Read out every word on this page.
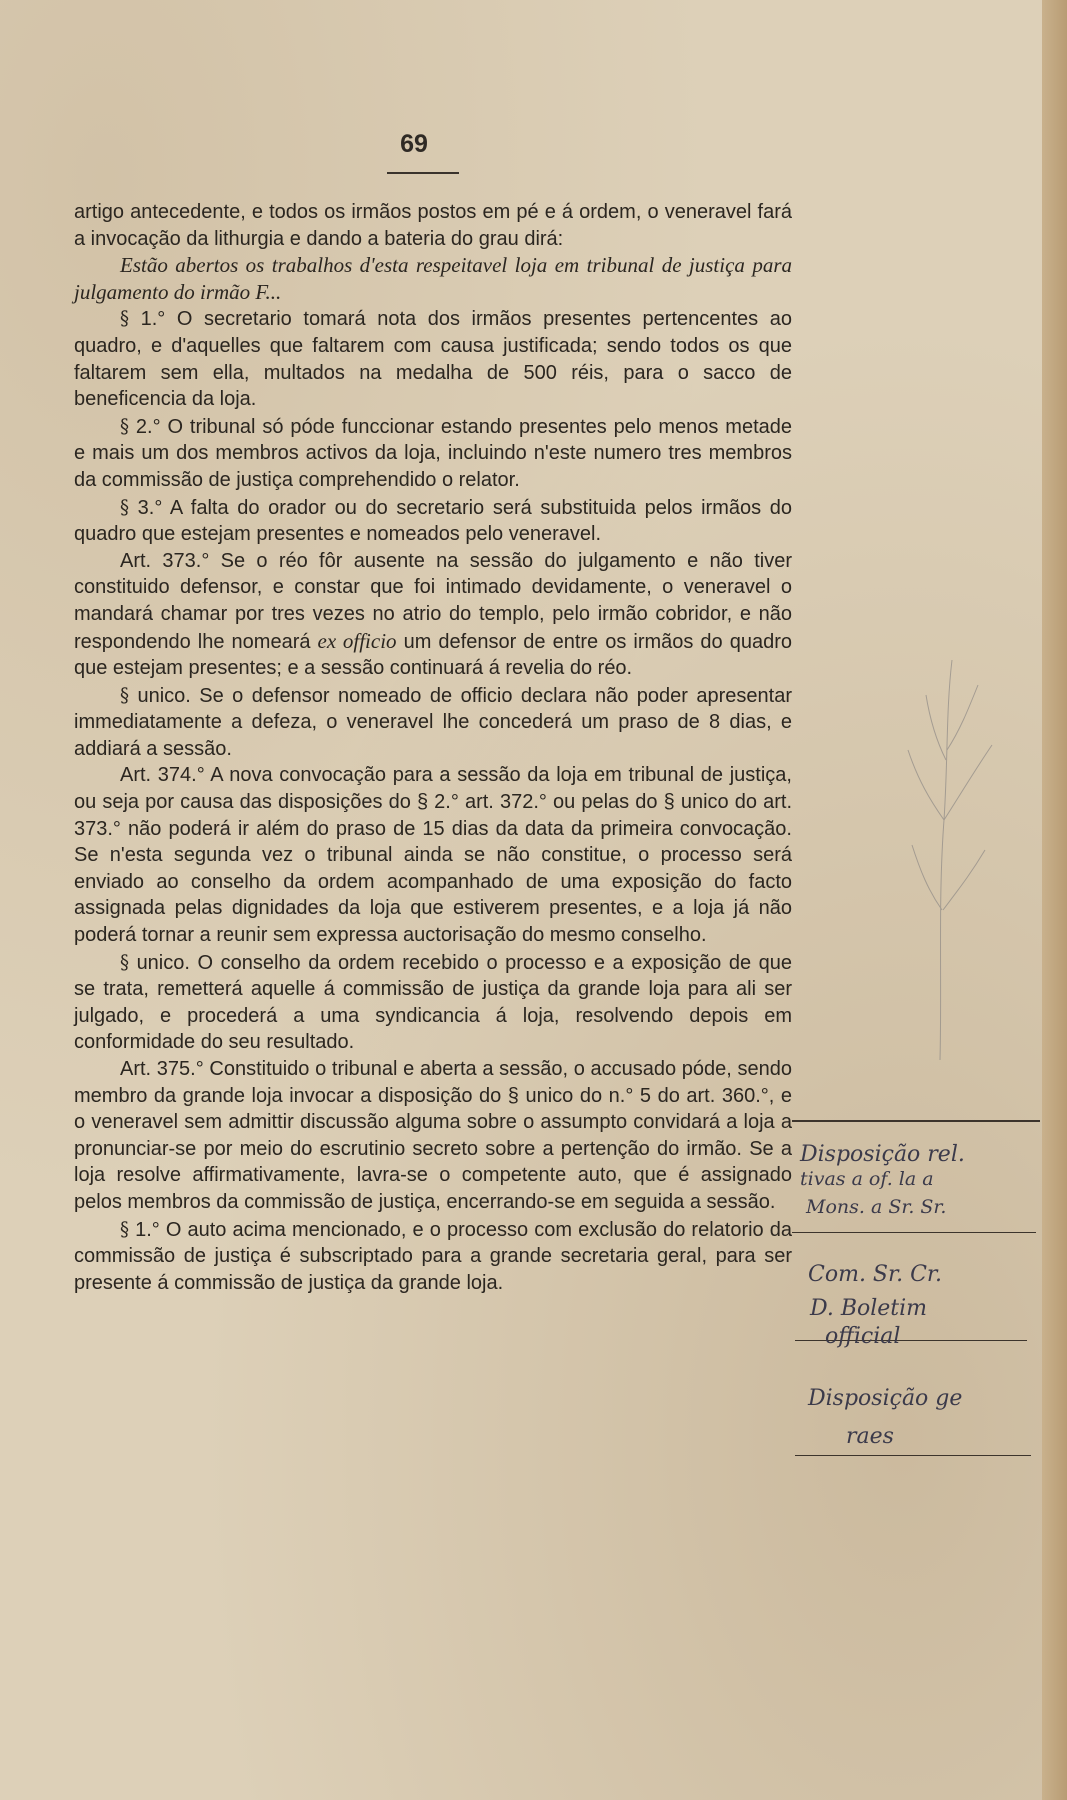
69

artigo antecedente, e todos os irmãos postos em pé e á ordem, o veneravel fará a invocação da lithurgia e dando a bateria do grau dirá:

Estão abertos os trabalhos d'esta respeitavel loja em tribunal de justiça para julgamento do irmão F...

§ 1.° O secretario tomará nota dos irmãos presentes pertencentes ao quadro, e d'aquelles que faltarem com causa justificada; sendo todos os que faltarem sem ella, multados na medalha de 500 réis, para o sacco de beneficencia da loja.

§ 2.° O tribunal só póde funccionar estando presentes pelo menos metade e mais um dos membros activos da loja, incluindo n'este numero tres membros da commissão de justiça comprehendido o relator.

§ 3.° A falta do orador ou do secretario será substituida pelos irmãos do quadro que estejam presentes e nomeados pelo veneravel.

Art. 373.° Se o réo fôr ausente na sessão do julgamento e não tiver constituido defensor, e constar que foi intimado devidamente, o veneravel o mandará chamar por tres vezes no atrio do templo, pelo irmão cobridor, e não respondendo lhe nomeará ex officio um defensor de entre os irmãos do quadro que estejam presentes; e a sessão continuará á revelia do réo.

§ unico. Se o defensor nomeado de officio declara não poder apresentar immediatamente a defeza, o veneravel lhe concederá um praso de 8 dias, e addiará a sessão.

Art. 374.° A nova convocação para a sessão da loja em tribunal de justiça, ou seja por causa das disposições do § 2.° art. 372.° ou pelas do § unico do art. 373.° não poderá ir além do praso de 15 dias da data da primeira convocação. Se n'esta segunda vez o tribunal ainda se não constitue, o processo será enviado ao conselho da ordem acompanhado de uma exposição do facto assignada pelas dignidades da loja que estiverem presentes, e a loja já não poderá tornar a reunir sem expressa auctorisação do mesmo conselho.

§ unico. O conselho da ordem recebido o processo e a exposição de que se trata, remetterá aquelle á commissão de justiça da grande loja para ali ser julgado, e procederá a uma syndicancia á loja, resolvendo depois em conformidade do seu resultado.

Art. 375.° Constituido o tribunal e aberta a sessão, o accusado póde, sendo membro da grande loja invocar a disposição do § unico do n.° 5 do art. 360.°, e o veneravel sem admittir discussão alguma sobre o assumpto convidará a loja a pronunciar-se por meio do escrutinio secreto sobre a pertenção do irmão. Se a loja resolve affirmativamente, lavra-se o competente auto, que é assignado pelos membros da commissão de justiça, encerrando-se em seguida a sessão.

§ 1.° O auto acima mencionado, e o processo com exclusão do relatorio da commissão de justiça é subscriptado para a grande secretaria geral, para ser presente á commissão de justiça da grande loja.

Disposição rel.
tivas a of. la a
Mons. a Sr. Sr.
Com. Sr. Cr.
D. Boletim
official
Disposição ge
raes
